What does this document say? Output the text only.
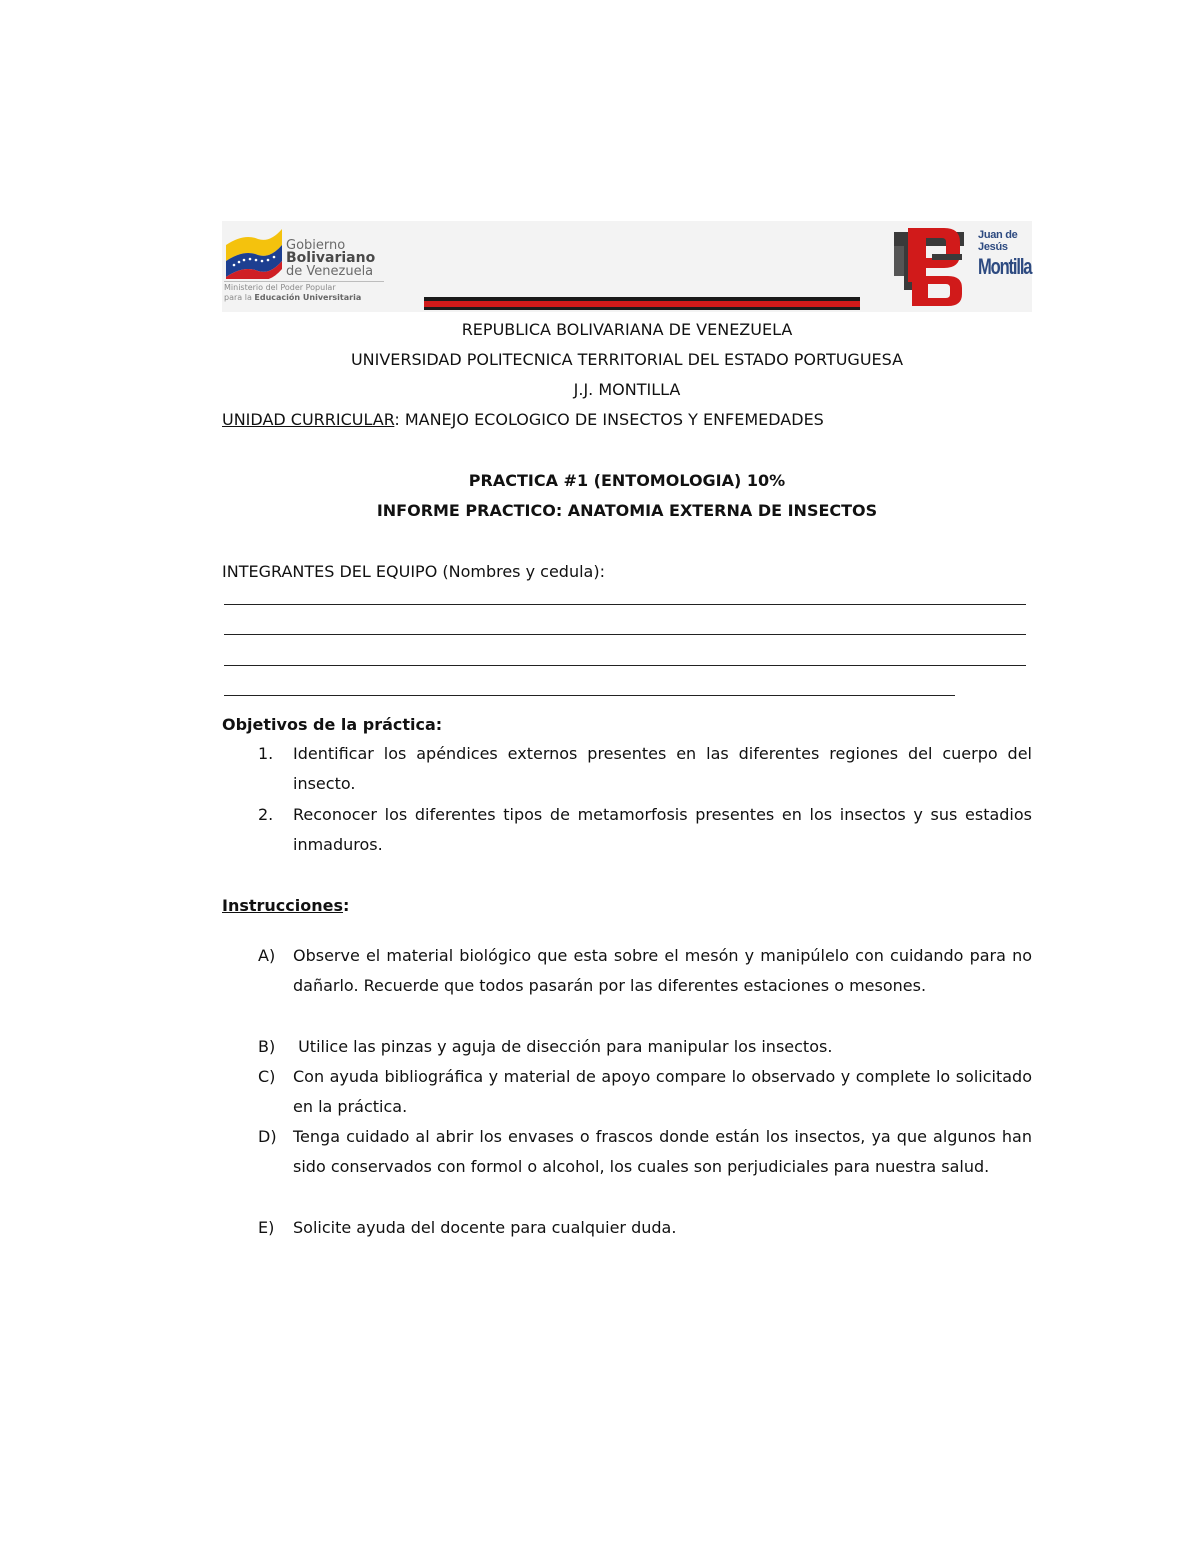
Gobierno
Bolivariano
de Venezuela
Ministerio del Poder Popular
para la Educación Universitaria
Juan de Jesús
Montilla
REPUBLICA BOLIVARIANA DE VENEZUELA
UNIVERSIDAD POLITECNICA TERRITORIAL DEL ESTADO PORTUGUESA
J.J. MONTILLA
UNIDAD CURRICULAR: MANEJO ECOLOGICO DE INSECTOS Y ENFEMEDADES
PRACTICA #1 (ENTOMOLOGIA) 10%
INFORME PRACTICO: ANATOMIA EXTERNA DE INSECTOS
INTEGRANTES DEL EQUIPO (Nombres y cedula):
Objetivos de la práctica:
1.	Identificar los apéndices externos presentes en las diferentes regiones del cuerpo del insecto.
2.	Reconocer los diferentes tipos de metamorfosis presentes en los insectos y sus estadios inmaduros.
Instrucciones:
A)	Observe el material biológico que esta sobre el mesón y manipúlelo con cuidando para no dañarlo. Recuerde que todos pasarán por las diferentes estaciones o mesones.
B)	Utilice las pinzas y aguja de disección para manipular los insectos.
C)	Con ayuda bibliográfica y material de apoyo compare lo observado y complete lo solicitado en la práctica.
D)	Tenga cuidado al abrir los envases o frascos donde están los insectos, ya que algunos han sido conservados con formol o alcohol, los cuales son perjudiciales para nuestra salud.
E)	Solicite ayuda del docente para cualquier duda.
